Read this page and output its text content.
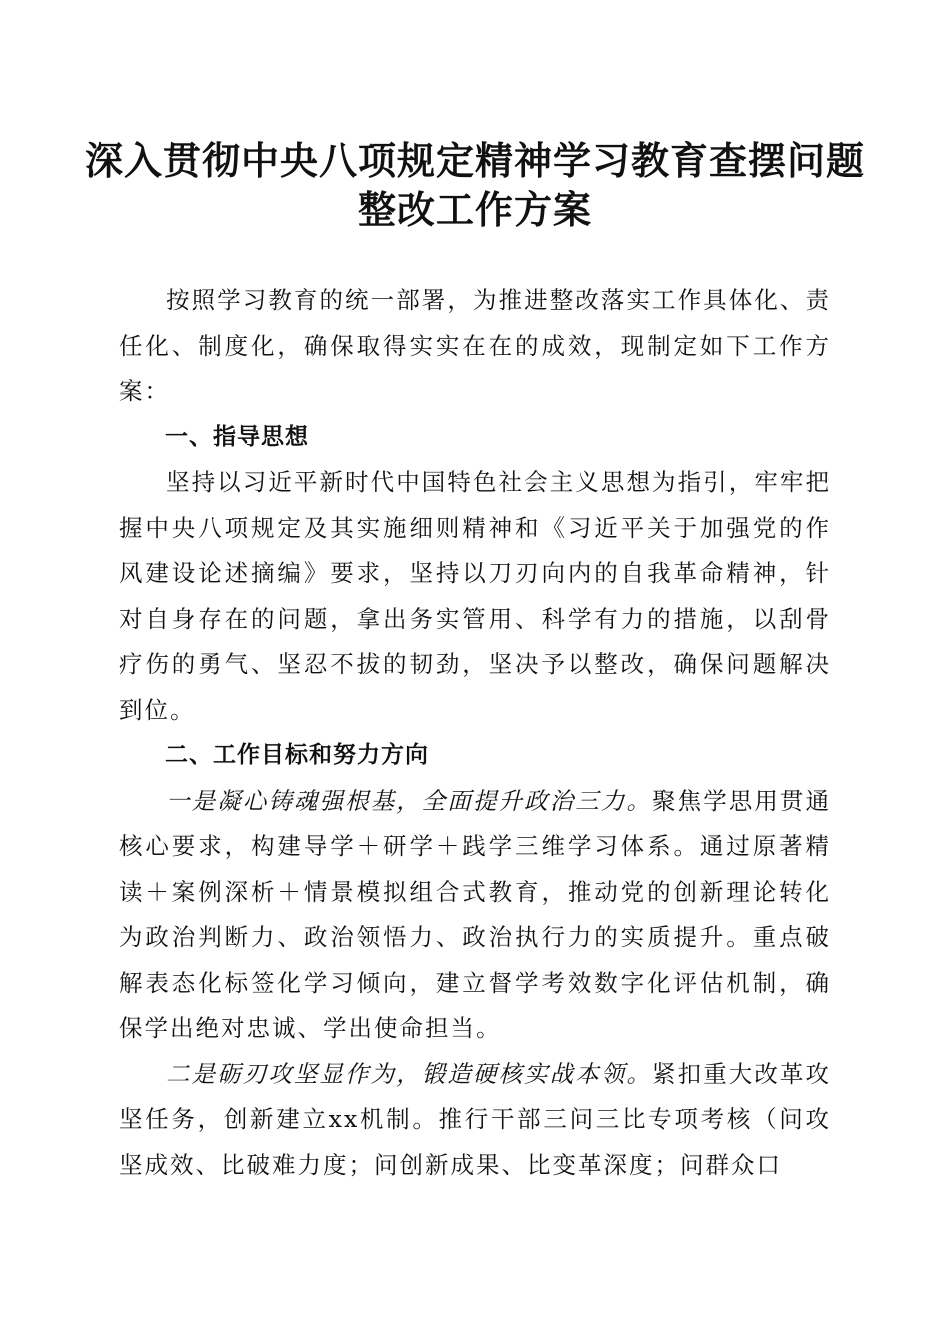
深入贯彻中央八项规定精神学习教育查摆问题
整改工作方案

按照学习教育的统一部署，为推进整改落实工作具体化、责任化、制度化，确保取得实实在在的成效，现制定如下工作方案：

一、指导思想

坚持以习近平新时代中国特色社会主义思想为指引，牢牢把握中央八项规定及其实施细则精神和《习近平关于加强党的作风建设论述摘编》要求，坚持以刀刃向内的自我革命精神，针对自身存在的问题，拿出务实管用、科学有力的措施，以刮骨疗伤的勇气、坚忍不拔的韧劲，坚决予以整改，确保问题解决到位。

二、工作目标和努力方向

一是凝心铸魂强根基，全面提升政治三力。聚焦学思用贯通核心要求，构建导学＋研学＋践学三维学习体系。通过原著精读＋案例深析＋情景模拟组合式教育，推动党的创新理论转化为政治判断力、政治领悟力、政治执行力的实质提升。重点破解表态化标签化学习倾向，建立督学考效数字化评估机制，确保学出绝对忠诚、学出使命担当。

二是砺刃攻坚显作为，锻造硬核实战本领。紧扣重大改革攻坚任务，创新建立xx机制。推行干部三问三比专项考核（问攻坚成效、比破难力度；问创新成果、比变革深度；问群众口
